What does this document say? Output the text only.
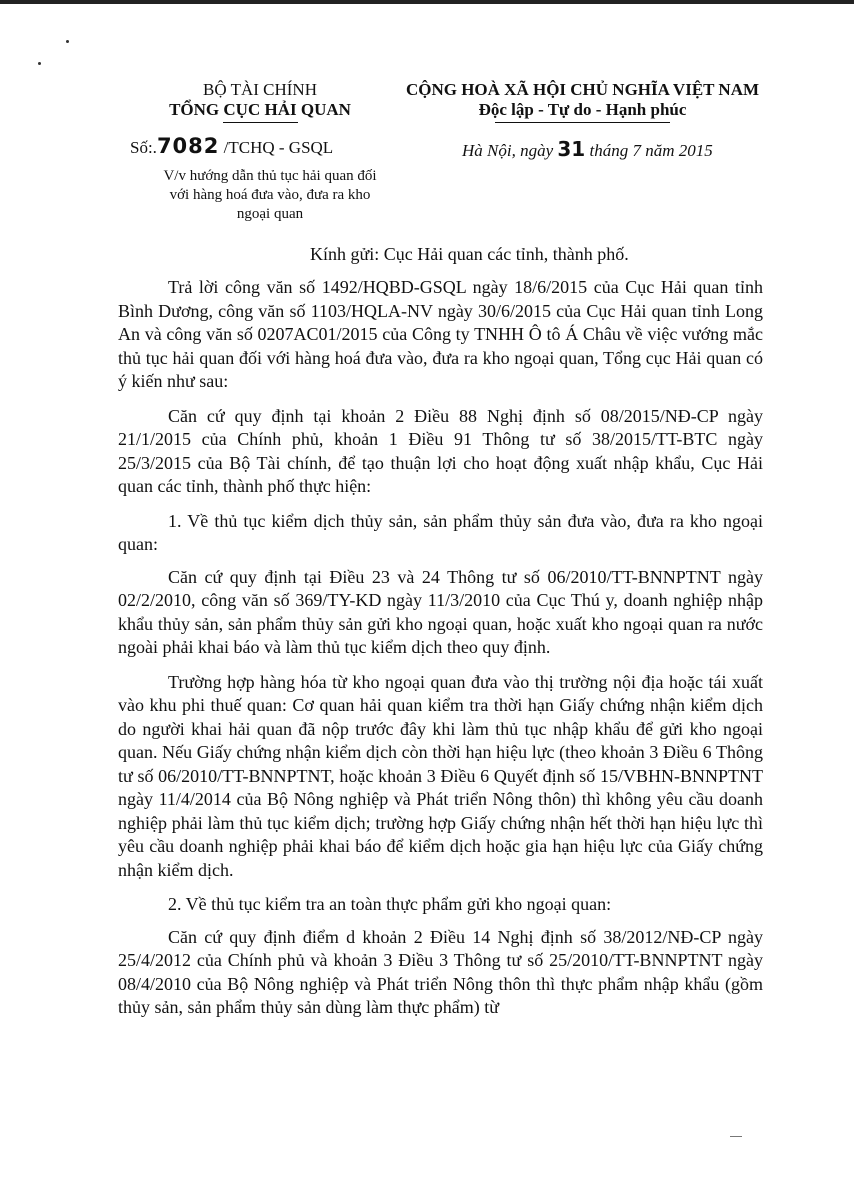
BỘ TÀI CHÍNH
TỔNG CỤC HẢI QUAN
Số:.7082 /TCHQ - GSQL
V/v hướng dẫn thủ tục hải quan đối
với hàng hoá đưa vào, đưa ra kho
ngoại quan
CỘNG HOÀ XÃ HỘI CHỦ NGHĨA VIỆT NAM
Độc lập - Tự do - Hạnh phúc
Hà Nội, ngày 31 tháng 7 năm 2015
Kính gửi: Cục Hải quan các tỉnh, thành phố.

Trả lời công văn số 1492/HQBD-GSQL ngày 18/6/2015 của Cục Hải quan tỉnh Bình Dương, công văn số 1103/HQLA-NV ngày 30/6/2015 của Cục Hải quan tỉnh Long An và công văn số 0207AC01/2015 của Công ty TNHH Ô tô Á Châu về việc vướng mắc thủ tục hải quan đối với hàng hoá đưa vào, đưa ra kho ngoại quan, Tổng cục Hải quan có ý kiến như sau:

Căn cứ quy định tại khoản 2 Điều 88 Nghị định số 08/2015/NĐ-CP ngày 21/1/2015 của Chính phủ, khoản 1 Điều 91 Thông tư số 38/2015/TT-BTC ngày 25/3/2015 của Bộ Tài chính, để tạo thuận lợi cho hoạt động xuất nhập khẩu, Cục Hải quan các tỉnh, thành phố thực hiện:

1. Về thủ tục kiểm dịch thủy sản, sản phẩm thủy sản đưa vào, đưa ra kho ngoại quan:

Căn cứ quy định tại Điều 23 và 24 Thông tư số 06/2010/TT-BNNPTNT ngày 02/2/2010, công văn số 369/TY-KD ngày 11/3/2010 của Cục Thú y, doanh nghiệp nhập khẩu thủy sản, sản phẩm thủy sản gửi kho ngoại quan, hoặc xuất kho ngoại quan ra nước ngoài phải khai báo và làm thủ tục kiểm dịch theo quy định.

Trường hợp hàng hóa từ kho ngoại quan đưa vào thị trường nội địa hoặc tái xuất vào khu phi thuế quan: Cơ quan hải quan kiểm tra thời hạn Giấy chứng nhận kiểm dịch do người khai hải quan đã nộp trước đây khi làm thủ tục nhập khẩu để gửi kho ngoại quan. Nếu Giấy chứng nhận kiểm dịch còn thời hạn hiệu lực (theo khoản 3 Điều 6 Thông tư số 06/2010/TT-BNNPTNT, hoặc khoản 3 Điều 6 Quyết định số 15/VBHN-BNNPTNT ngày 11/4/2014 của Bộ Nông nghiệp và Phát triển Nông thôn) thì không yêu cầu doanh nghiệp phải làm thủ tục kiểm dịch; trường hợp Giấy chứng nhận hết thời hạn hiệu lực thì yêu cầu doanh nghiệp phải khai báo để kiểm dịch hoặc gia hạn hiệu lực của Giấy chứng nhận kiểm dịch.

2. Về thủ tục kiểm tra an toàn thực phẩm gửi kho ngoại quan:

Căn cứ quy định điểm d khoản 2 Điều 14 Nghị định số 38/2012/NĐ-CP ngày 25/4/2012 của Chính phủ và khoản 3 Điều 3 Thông tư số 25/2010/TT-BNNPTNT ngày 08/4/2010 của Bộ Nông nghiệp và Phát triển Nông thôn thì thực phẩm nhập khẩu (gồm thủy sản, sản phẩm thủy sản dùng làm thực phẩm) từ
